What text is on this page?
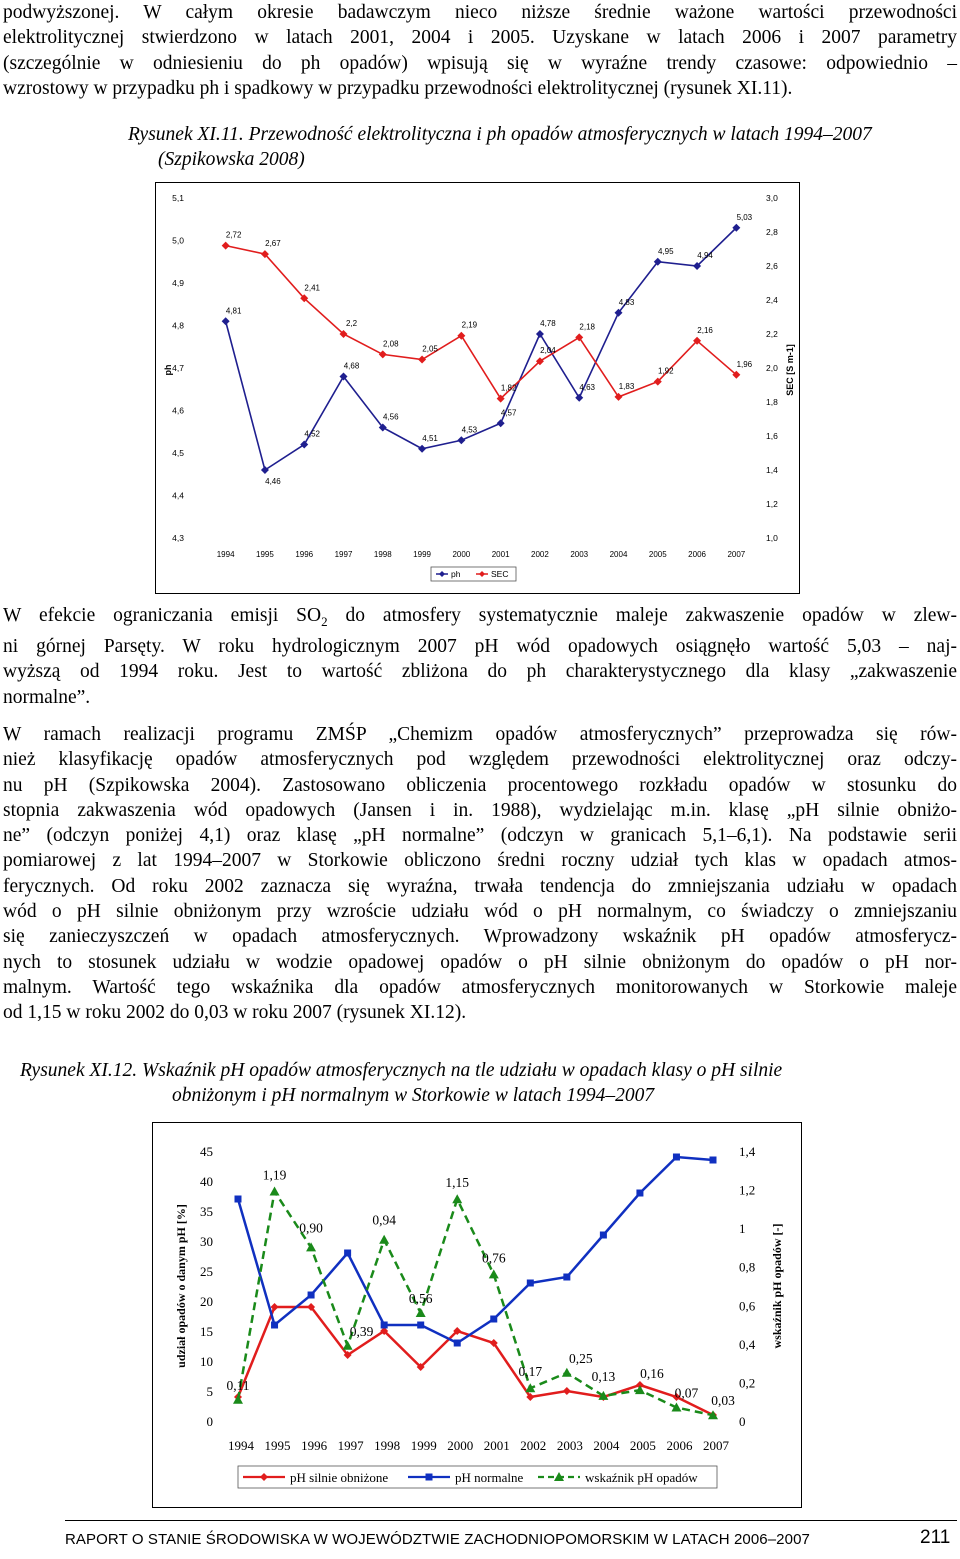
podwyższonej. W całym okresie badawczym nieco niższe średnie ważone wartości przewodności
elektrolitycznej stwierdzono w latach 2001, 2004 i 2005. Uzyskane w latach 2006 i 2007 parametry
(szczególnie w odniesieniu do ph opadów) wpisują się w wyraźne trendy czasowe: odpowiednio –
wzrostowy w przypadku ph i spadkowy w przypadku przewodności elektrolitycznej (rysunek XI.11).
Rysunek XI.11. Przewodność elektrolityczna i ph opadów atmosferycznych w latach 1994–2007
(Szpikowska 2008)
4,3
4,4
4,5
4,6
4,7
4,8
4,9
5,0
5,1
1,0
1,2
1,4
1,6
1,8
2,0
2,2
2,4
2,6
2,8
3,0
ph	SEC [S m-1]
1994	1995	1996	1997	1998	1999	2000	2001	2002	2003	2004	2005	2006	2007
4,81
4,46
4,52
4,68
4,56
4,51
4,53
4,57
4,78
4,63
4,83
4,95	4,94
5,03
2,72
2,67
2,41
2,2
2,08
2,05
2,19
1,82
2,04
2,18
1,83
1,92
2,16
1,96
ph	SEC
W efekcie ograniczania emisji $SO_2$ do atmosfery systematycznie maleje zakwaszenie opadów w zlew-
ni górnej Parsęty. W roku hydrologicznym 2007 pH wód opadowych osiągnęło wartość 5,03 – naj-
wyższą od 1994 roku. Jest to wartość zbliżona do ph charakterystycznego dla klasy „zakwaszenie
normalne”.
W ramach realizacji programu ZMŚP „Chemizm opadów atmosferycznych” przeprowadza się rów-
nież klasyfikację opadów atmosferycznych pod względem przewodności elektrolitycznej oraz odczy-
nu pH (Szpikowska 2004). Zastosowano obliczenia procentowego rozkładu opadów w stosunku do
stopnia zakwaszenia wód opadowych (Jansen i in. 1988), wydzielając m.in. klasę „pH silnie obniżo-
ne” (odczyn poniżej 4,1) oraz klasę „pH normalne” (odczyn w granicach 5,1–6,1). Na podstawie serii
pomiarowej z lat 1994–2007 w Storkowie obliczono średni roczny udział tych klas w opadach atmos-
ferycznych. Od roku 2002 zaznacza się wyraźna, trwała tendencja do zmniejszania udziału w opadach
wód o pH silnie obniżonym przy wzroście udziału wód o pH normalnym, co świadczy o zmniejszaniu
się zanieczyszczeń w opadach atmosferycznych. Wprowadzony wskaźnik pH opadów atmosferycz-
nych to stosunek udziału w wodzie opadowej opadów o pH silnie obniżonym do opadów o pH nor-
malnym. Wartość tego wskaźnika dla opadów atmosferycznych monitorowanych w Storkowie maleje
od 1,15 w roku 2002 do 0,03 w roku 2007 (rysunek XI.12).
Rysunek XI.12. Wskaźnik pH opadów atmosferycznych na tle udziału w opadach klasy o pH silnie
obniżonym i pH normalnym w Storkowie w latach 1994–2007
0
5
10
15
20
25
30
35
40
45
0
0,2
0,4
0,6
0,8
1
1,2
1,4
udział opadów o danym pH [%]	wskaźnik pH opadów [-]
1994 1995 1996 1997 1998 1999 2000 2001 2002 2003 2004 2005 2006 2007
0,11
1,19
0,90
0,39
0,94
0,56
1,15
0,76
0,17
0,25
0,13 0,16
0,07
0,03
pH silnie obniżone	pH normalne	wskaźnik pH opadów
RAPORT O STANIE ŚRODOWISKA W WOJEWÓDZTWIE ZACHODNIOPOMORSKIM W LATACH 2006–2007	211
